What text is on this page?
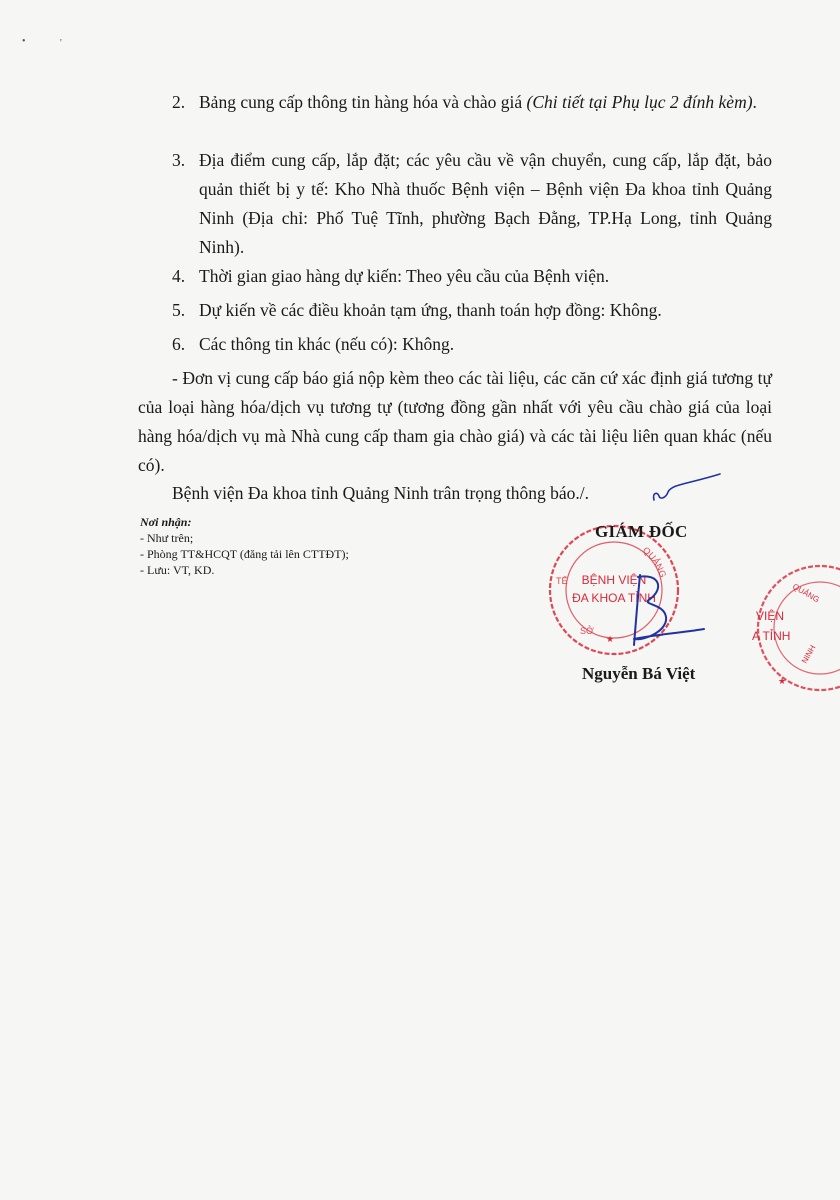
•	'
2. Bảng cung cấp thông tin hàng hóa và chào giá (Chi tiết tại Phụ lục 2 đính kèm).
3. Địa điểm cung cấp, lắp đặt; các yêu cầu về vận chuyển, cung cấp, lắp đặt, bảo quản thiết bị y tế: Kho Nhà thuốc Bệnh viện – Bệnh viện Đa khoa tỉnh Quảng Ninh (Địa chỉ: Phố Tuệ Tĩnh, phường Bạch Đằng, TP.Hạ Long, tỉnh Quảng Ninh).
4. Thời gian giao hàng dự kiến: Theo yêu cầu của Bệnh viện.
5. Dự kiến về các điều khoản tạm ứng, thanh toán hợp đồng: Không.
6. Các thông tin khác (nếu có): Không.
- Đơn vị cung cấp báo giá nộp kèm theo các tài liệu, các căn cứ xác định giá tương tự của loại hàng hóa/dịch vụ tương tự (tương đồng gần nhất với yêu cầu chào giá của loại hàng hóa/dịch vụ mà Nhà cung cấp tham gia chào giá) và các tài liệu liên quan khác (nếu có).
Bệnh viện Đa khoa tỉnh Quảng Ninh trân trọng thông báo./.
Nơi nhận:
- Như trên;
- Phòng TT&HCQT (đăng tải lên CTTĐT);
- Lưu: VT, KD.
TẾ
QUẢNG
SỞ
★
BỆNH VIỆN
ĐA KHOA TỈNH
VIỆN
A TỈNH
QUẢNG
NINH
★
GIÁM ĐỐC
Nguyễn Bá Việt
